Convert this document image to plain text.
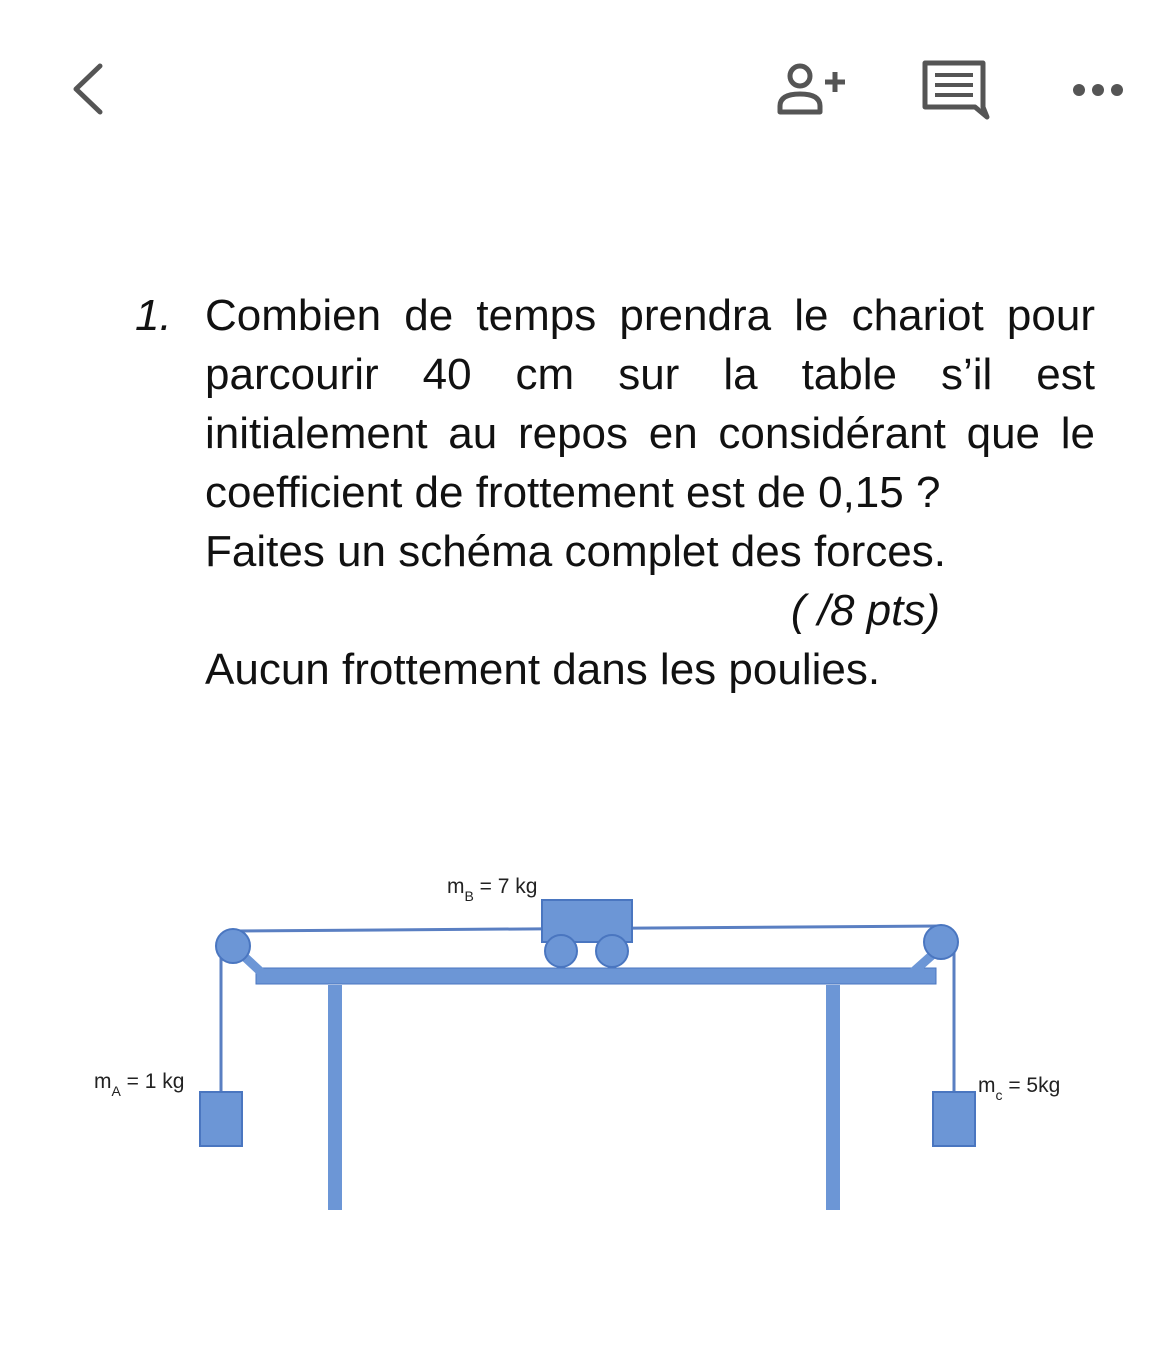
1. Combien de temps prendra le chariot pour parcourir 40 cm sur la table s’il est initialement au repos en considérant que le coefficient de frottement est de 0,15 ?

Faites un schéma complet des forces.

( /8 pts)
Aucun frottement dans les poulies.
$m_A = 1$ kg
$m_B = 7$ kg
$m_c = 5kg$
